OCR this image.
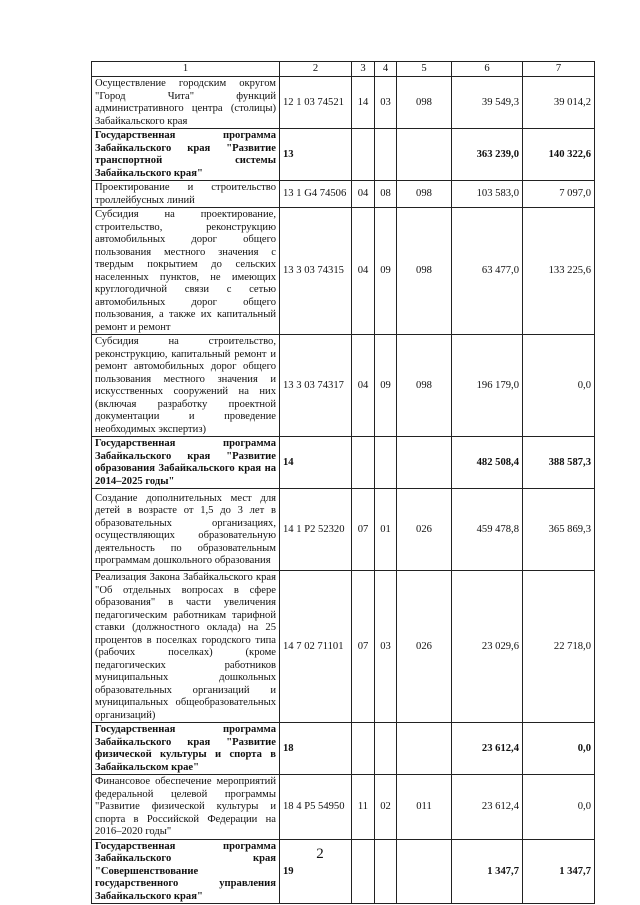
1	2	3	4	5	6	7
Осуществление городским округом "Город Чита" функций административного центра (столицы) Забайкальского края	12 1 03 74521	14	03	098	39 549,3	39 014,2
Государственная программа Забайкальского края "Развитие транспортной системы Забайкальского края"	13				363 239,0	140 322,6
Проектирование и строительство троллейбусных линий	13 1 G4 74506	04	08	098	103 583,0	7 097,0
Субсидия на проектирование, строительство, реконструкцию автомобильных дорог общего пользования местного значения с твердым покрытием до сельских населенных пунктов, не имеющих круглогодичной связи с сетью автомобильных дорог общего пользования, а также их капитальный ремонт и ремонт	13 3 03 74315	04	09	098	63 477,0	133 225,6
Субсидия на строительство, реконструкцию, капитальный ремонт и ремонт автомобильных дорог общего пользования местного значения и искусственных сооружений на них (включая разработку проектной документации и проведение необходимых экспертиз)	13 3 03 74317	04	09	098	196 179,0	0,0
Государственная программа Забайкальского края "Развитие образования Забайкальского края на 2014–2025 годы"	14				482 508,4	388 587,3
Создание дополнительных мест для детей в возрасте от 1,5 до 3 лет в образовательных организациях, осуществляющих образовательную деятельность по образовательным программам дошкольного образования	14 1 P2 52320	07	01	026	459 478,8	365 869,3
Реализация Закона Забайкальского края "Об отдельных вопросах в сфере образования" в части увеличения педагогическим работникам тарифной ставки (должностного оклада) на 25 процентов в поселках городского типа (рабочих поселках) (кроме педагогических работников муниципальных дошкольных образовательных организаций и муниципальных общеобразовательных организаций)	14 7 02 71101	07	03	026	23 029,6	22 718,0
Государственная программа Забайкальского края "Развитие физической культуры и спорта в Забайкальском крае"	18				23 612,4	0,0
Финансовое обеспечение мероприятий федеральной целевой программы "Развитие физической культуры и спорта в Российской Федерации на 2016–2020 годы"	18 4 P5 54950	11	02	011	23 612,4	0,0
Государственная программа Забайкальского края "Совершенствование государственного управления Забайкальского края"	19				1 347,7	1 347,7
2
